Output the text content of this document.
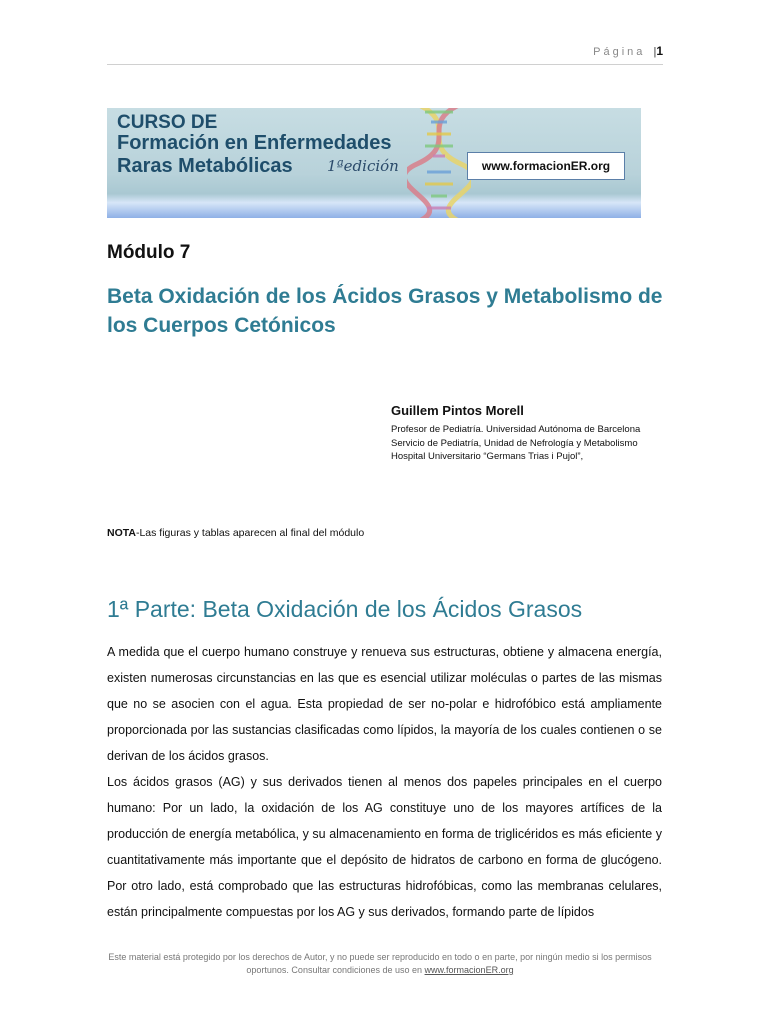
Página |1
CURSO DE
Formación en Enfermedades
Raras Metabólicas 1ªedición	www.formacionER.org
Módulo 7
Beta Oxidación de los Ácidos Grasos y Metabolismo de los Cuerpos Cetónicos
Guillem Pintos Morell
Profesor de Pediatría. Universidad Autónoma de Barcelona
Servicio de Pediatría, Unidad de Nefrología y Metabolismo
Hospital Universitario “Germans Trias i Pujol”,
NOTA-Las figuras y tablas aparecen al final del módulo
1ª Parte: Beta Oxidación de los Ácidos Grasos

A medida que el cuerpo humano construye y renueva sus estructuras, obtiene y almacena energía, existen numerosas circunstancias en las que es esencial utilizar moléculas o partes de las mismas que no se asocien con el agua. Esta propiedad de ser no-polar e hidrofóbico está ampliamente proporcionada por las sustancias clasificadas como lípidos, la mayoría de los cuales contienen o se derivan de los ácidos grasos.

Los ácidos grasos (AG) y sus derivados tienen al menos dos papeles principales en el cuerpo humano: Por un lado, la oxidación de los AG constituye uno de los mayores artífices de la producción de energía metabólica, y su almacenamiento en forma de triglicéridos es más eficiente y cuantitativamente más importante que el depósito de hidratos de carbono en forma de glucógeno. Por otro lado, está comprobado que las estructuras hidrofóbicas, como las membranas celulares, están principalmente compuestas por los AG y sus derivados, formando parte de lípidos

Este material está protegido por los derechos de Autor, y no puede ser reproducido en todo o en parte, por ningún medio si los permisos oportunos. Consultar condiciones de uso en www.formacionER.org
